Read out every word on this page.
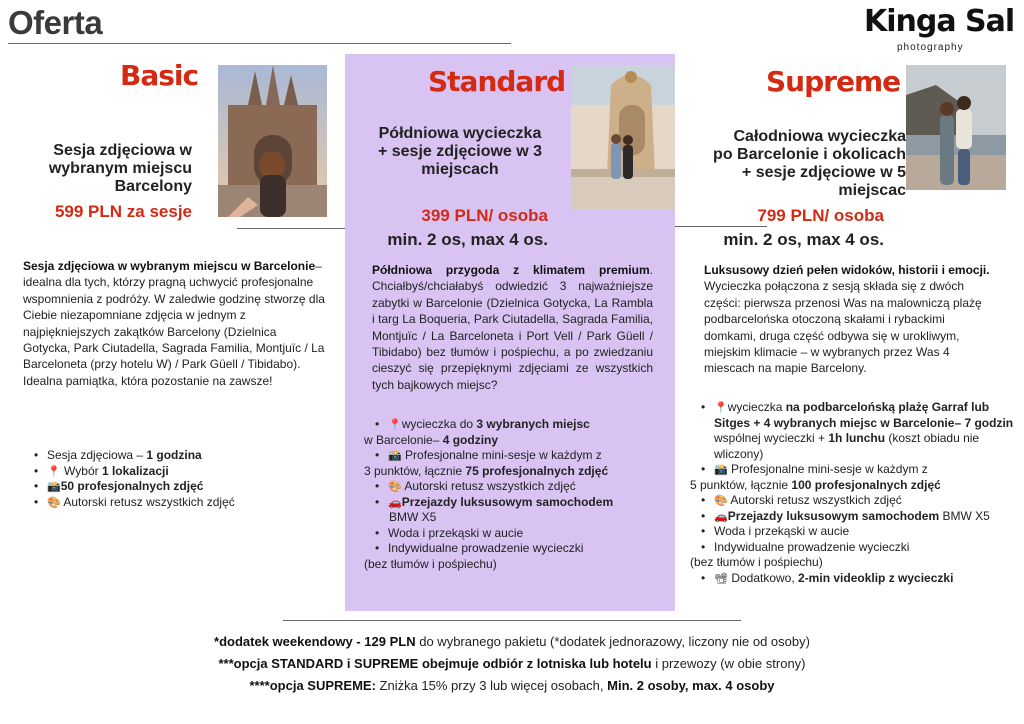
Oferta	Kinga Sal
photography
Basic
Sesja zdjęciowa w
wybranym miejscu
Barcelony
599 PLN za sesje
Sesja zdjęciowa w wybranym miejscu w Barcelonie– idealna dla tych, którzy pragną uchwycić profesjonalne wspomnienia z podróży. W zaledwie godzinę stworzę dla Ciebie niezapomniane zdjęcia w jednym z najpiękniejszych zakątków Barcelony (Dzielnica Gotycka, Park Ciutadella, Sagrada Familia, Montjuïc / La Barceloneta (przy hotelu W) / Park Güell / Tibidabo). Idealna pamiątka, która pozostanie na zawsze!
• Sesja zdjęciowa – 1 godzina
• 📍 Wybór 1 lokalizacji
• 📸50 profesjonalnych zdjęć
• 🎨 Autorski retusz wszystkich zdjęć
Standard
Półdniowa wycieczka
+ sesje zdjęciowe w 3
miejscach
399 PLN/ osoba
min. 2 os, max 4 os.
Półdniowa przygoda z klimatem premium. Chciałbyś/chciałabyś odwiedzić 3 najważniejsze zabytki w Barcelonie (Dzielnica Gotycka, La Rambla i targ La Boqueria, Park Ciutadella, Sagrada Familia, Montjuïc / La Barceloneta i Port Vell / Park Güell / Tibidabo) bez tłumów i pośpiechu, a po zwiedzaniu cieszyć się przepięknymi zdjęciami ze wszystkich tych bajkowych miejsc?
• 📍wycieczka do 3 wybranych miejsc
w Barcelonie– 4 godziny
• 📸 Profesjonalne mini-sesje w każdym z
3 punktów, łącznie 75 profesjonalnych zdjęć
• 🎨 Autorski retusz wszystkich zdjęć
• 🚗Przejazdy luksusowym samochodem
BMW X5
• Woda i przekąski w aucie
• Indywidualne prowadzenie wycieczki
(bez tłumów i pośpiechu)
Supreme
Całodniowa wycieczka
po Barcelonie i okolicach
+ sesje zdjęciowe w 5
miejscac
799 PLN/ osoba
min. 2 os, max 4 os.
Luksusowy dzień pełen widoków, historii i emocji. Wycieczka połączona z sesją składa się z dwóch części: pierwsza przenosi Was na malowniczą plażę podbarcelońska otoczoną skałami i rybackimi domkami, druga część odbywa się w urokliwym, miejskim klimacie – w wybranych przez Was 4 miescach na mapie Barcelony.
• 📍wycieczka na podbarcelońską plażę Garraf lub Sitges + 4 wybranych miejsc w Barcelonie– 7 godzin wspólnej wycieczki + 1h lunchu (koszt obiadu nie wliczony)
• 📸 Profesjonalne mini-sesje w każdym z
5 punktów, łącznie 100 profesjonalnych zdjęć
• 🎨 Autorski retusz wszystkich zdjęć
• 🚗Przejazdy luksusowym samochodem BMW X5
• Woda i przekąski w aucie
• Indywidualne prowadzenie wycieczki
(bez tłumów i pośpiechu)
• 📽 Dodatkowo, 2-min videoklip z wycieczki
*dodatek weekendowy - 129 PLN do wybranego pakietu (*dodatek jednorazowy, liczony nie od osoby)
***opcja STANDARD i SUPREME obejmuje odbiór z lotniska lub hotelu i przewozy (w obie strony)
****opcja SUPREME: Zniżka 15% przy 3 lub więcej osobach, Min. 2 osoby, max. 4 osoby
